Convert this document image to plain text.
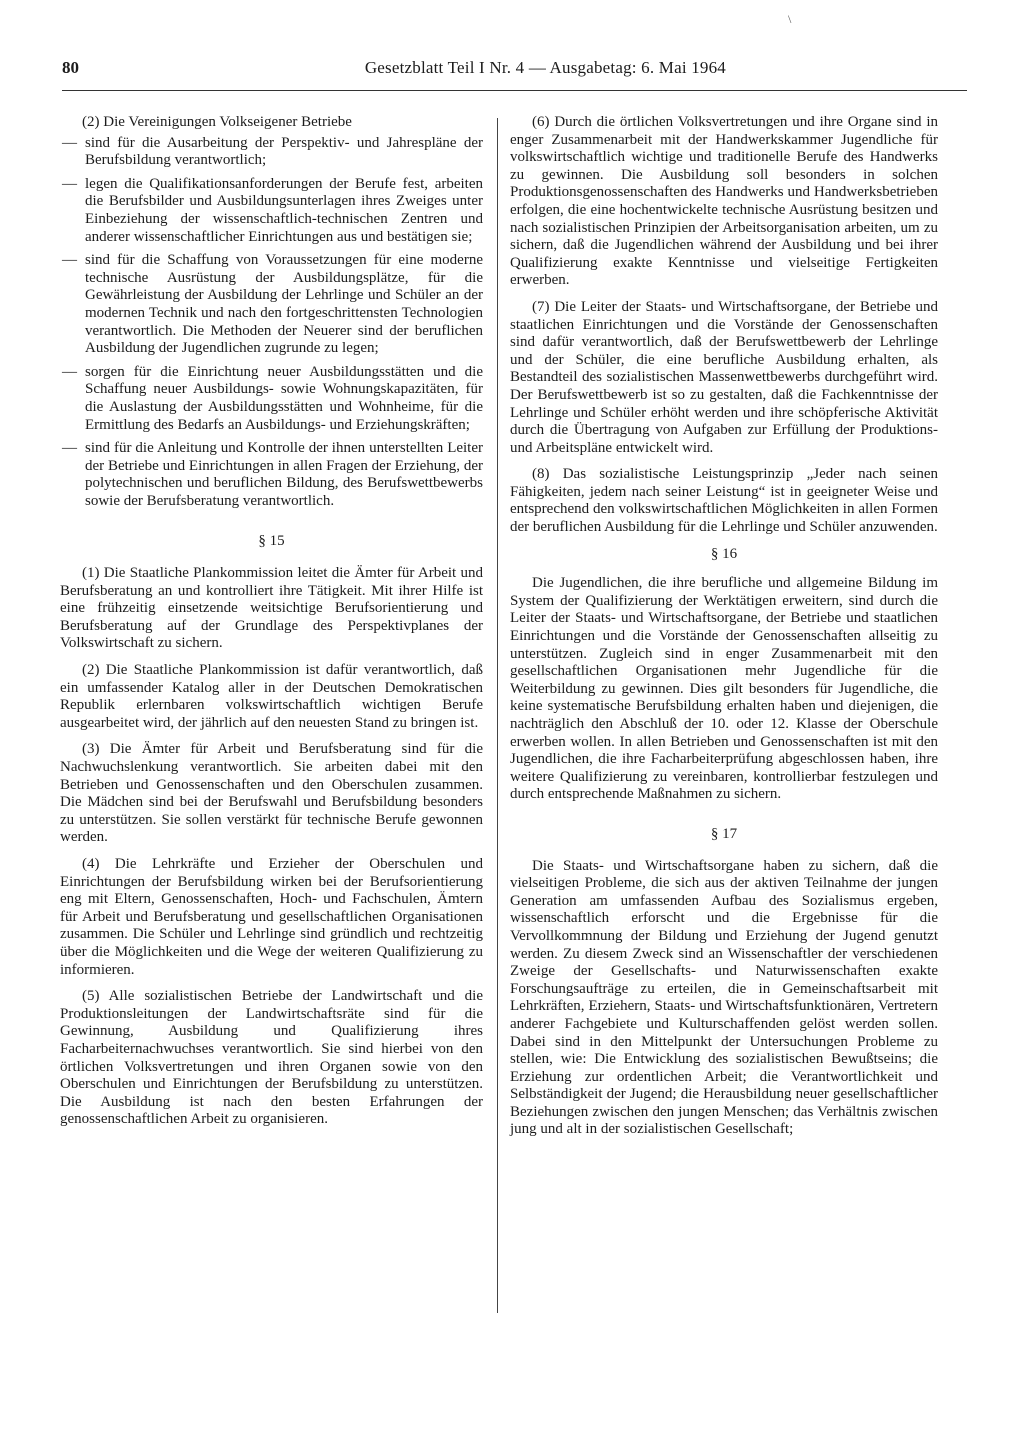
80	Gesetzblatt Teil I Nr. 4 — Ausgabetag: 6. Mai 1964
\

(2) Die Vereinigungen Volkseigener Betriebe

— sind für die Ausarbeitung der Perspektiv- und Jahrespläne der Berufsbildung verantwortlich;
— legen die Qualifikationsanforderungen der Berufe fest, arbeiten die Berufsbilder und Ausbildungsunterlagen ihres Zweiges unter Einbeziehung der wissenschaftlich-technischen Zentren und anderer wissenschaftlicher Einrichtungen aus und bestätigen sie;
— sind für die Schaffung von Voraussetzungen für eine moderne technische Ausrüstung der Ausbildungsplätze, für die Gewährleistung der Ausbildung der Lehrlinge und Schüler an der modernen Technik und nach den fortgeschrittensten Technologien verantwortlich. Die Methoden der Neuerer sind der beruflichen Ausbildung der Jugendlichen zugrunde zu legen;
— sorgen für die Einrichtung neuer Ausbildungsstätten und die Schaffung neuer Ausbildungs- sowie Wohnungskapazitäten, für die Auslastung der Ausbildungsstätten und Wohnheime, für die Ermittlung des Bedarfs an Ausbildungs- und Erziehungskräften;
— sind für die Anleitung und Kontrolle der ihnen unterstellten Leiter der Betriebe und Einrichtungen in allen Fragen der Erziehung, der polytechnischen und beruflichen Bildung, des Berufswettbewerbs sowie der Berufsberatung verantwortlich.
§ 15

(1) Die Staatliche Plankommission leitet die Ämter für Arbeit und Berufsberatung an und kontrolliert ihre Tätigkeit. Mit ihrer Hilfe ist eine frühzeitig einsetzende weitsichtige Berufsorientierung und Berufsberatung auf der Grundlage des Perspektivplanes der Volkswirtschaft zu sichern.

(2) Die Staatliche Plankommission ist dafür verantwortlich, daß ein umfassender Katalog aller in der Deutschen Demokratischen Republik erlernbaren volkswirtschaftlich wichtigen Berufe ausgearbeitet wird, der jährlich auf den neuesten Stand zu bringen ist.

(3) Die Ämter für Arbeit und Berufsberatung sind für die Nachwuchslenkung verantwortlich. Sie arbeiten dabei mit den Betrieben und Genossenschaften und den Oberschulen zusammen. Die Mädchen sind bei der Berufswahl und Berufsbildung besonders zu unterstützen. Sie sollen verstärkt für technische Berufe gewonnen werden.

(4) Die Lehrkräfte und Erzieher der Oberschulen und Einrichtungen der Berufsbildung wirken bei der Berufsorientierung eng mit Eltern, Genossenschaften, Hoch- und Fachschulen, Ämtern für Arbeit und Berufsberatung und gesellschaftlichen Organisationen zusammen. Die Schüler und Lehrlinge sind gründlich und rechtzeitig über die Möglichkeiten und die Wege der weiteren Qualifizierung zu informieren.

(5) Alle sozialistischen Betriebe der Landwirtschaft und die Produktionsleitungen der Landwirtschaftsräte sind für die Gewinnung, Ausbildung und Qualifizierung ihres Facharbeiternachwuchses verantwortlich. Sie sind hierbei von den örtlichen Volksvertretungen und ihren Organen sowie von den Oberschulen und Einrichtungen der Berufsbildung zu unterstützen. Die Ausbildung ist nach den besten Erfahrungen der genossenschaftlichen Arbeit zu organisieren.

(6) Durch die örtlichen Volksvertretungen und ihre Organe sind in enger Zusammenarbeit mit der Handwerkskammer Jugendliche für volkswirtschaftlich wichtige und traditionelle Berufe des Handwerks zu gewinnen. Die Ausbildung soll besonders in solchen Produktionsgenossenschaften des Handwerks und Handwerksbetrieben erfolgen, die eine hochentwickelte technische Ausrüstung besitzen und nach sozialistischen Prinzipien der Arbeitsorganisation arbeiten, um zu sichern, daß die Jugendlichen während der Ausbildung und bei ihrer Qualifizierung exakte Kenntnisse und vielseitige Fertigkeiten erwerben.

(7) Die Leiter der Staats- und Wirtschaftsorgane, der Betriebe und staatlichen Einrichtungen und die Vorstände der Genossenschaften sind dafür verantwortlich, daß der Berufswettbewerb der Lehrlinge und der Schüler, die eine berufliche Ausbildung erhalten, als Bestandteil des sozialistischen Massenwettbewerbs durchgeführt wird. Der Berufswettbewerb ist so zu gestalten, daß die Fachkenntnisse der Lehrlinge und Schüler erhöht werden und ihre schöpferische Aktivität durch die Übertragung von Aufgaben zur Erfüllung der Produktions- und Arbeitspläne entwickelt wird.

(8) Das sozialistische Leistungsprinzip „Jeder nach seinen Fähigkeiten, jedem nach seiner Leistung“ ist in geeigneter Weise und entsprechend den volkswirtschaftlichen Möglichkeiten in allen Formen der beruflichen Ausbildung für die Lehrlinge und Schüler anzuwenden.

§ 16

Die Jugendlichen, die ihre berufliche und allgemeine Bildung im System der Qualifizierung der Werktätigen erweitern, sind durch die Leiter der Staats- und Wirtschaftsorgane, der Betriebe und staatlichen Einrichtungen und die Vorstände der Genossenschaften allseitig zu unterstützen. Zugleich sind in enger Zusammenarbeit mit den gesellschaftlichen Organisationen mehr Jugendliche für die Weiterbildung zu gewinnen. Dies gilt besonders für Jugendliche, die keine systematische Berufsbildung erhalten haben und diejenigen, die nachträglich den Abschluß der 10. oder 12. Klasse der Oberschule erwerben wollen. In allen Betrieben und Genossenschaften ist mit den Jugendlichen, die ihre Facharbeiterprüfung abgeschlossen haben, ihre weitere Qualifizierung zu vereinbaren, kontrollierbar festzulegen und durch entsprechende Maßnahmen zu sichern.

§ 17

Die Staats- und Wirtschaftsorgane haben zu sichern, daß die vielseitigen Probleme, die sich aus der aktiven Teilnahme der jungen Generation am umfassenden Aufbau des Sozialismus ergeben, wissenschaftlich erforscht und die Ergebnisse für die Vervollkommnung der Bildung und Erziehung der Jugend genutzt werden. Zu diesem Zweck sind an Wissenschaftler der verschiedenen Zweige der Gesellschafts- und Naturwissenschaften exakte Forschungsaufträge zu erteilen, die in Gemeinschaftsarbeit mit Lehrkräften, Erziehern, Staats- und Wirtschaftsfunktionären, Vertretern anderer Fachgebiete und Kulturschaffenden gelöst werden sollen. Dabei sind in den Mittelpunkt der Untersuchungen Probleme zu stellen, wie: Die Entwicklung des sozialistischen Bewußtseins; die Erziehung zur ordentlichen Arbeit; die Verantwortlichkeit und Selbständigkeit der Jugend; die Herausbildung neuer gesellschaftlicher Beziehungen zwischen den jungen Menschen; das Verhältnis zwischen jung und alt in der sozialistischen Gesellschaft;
